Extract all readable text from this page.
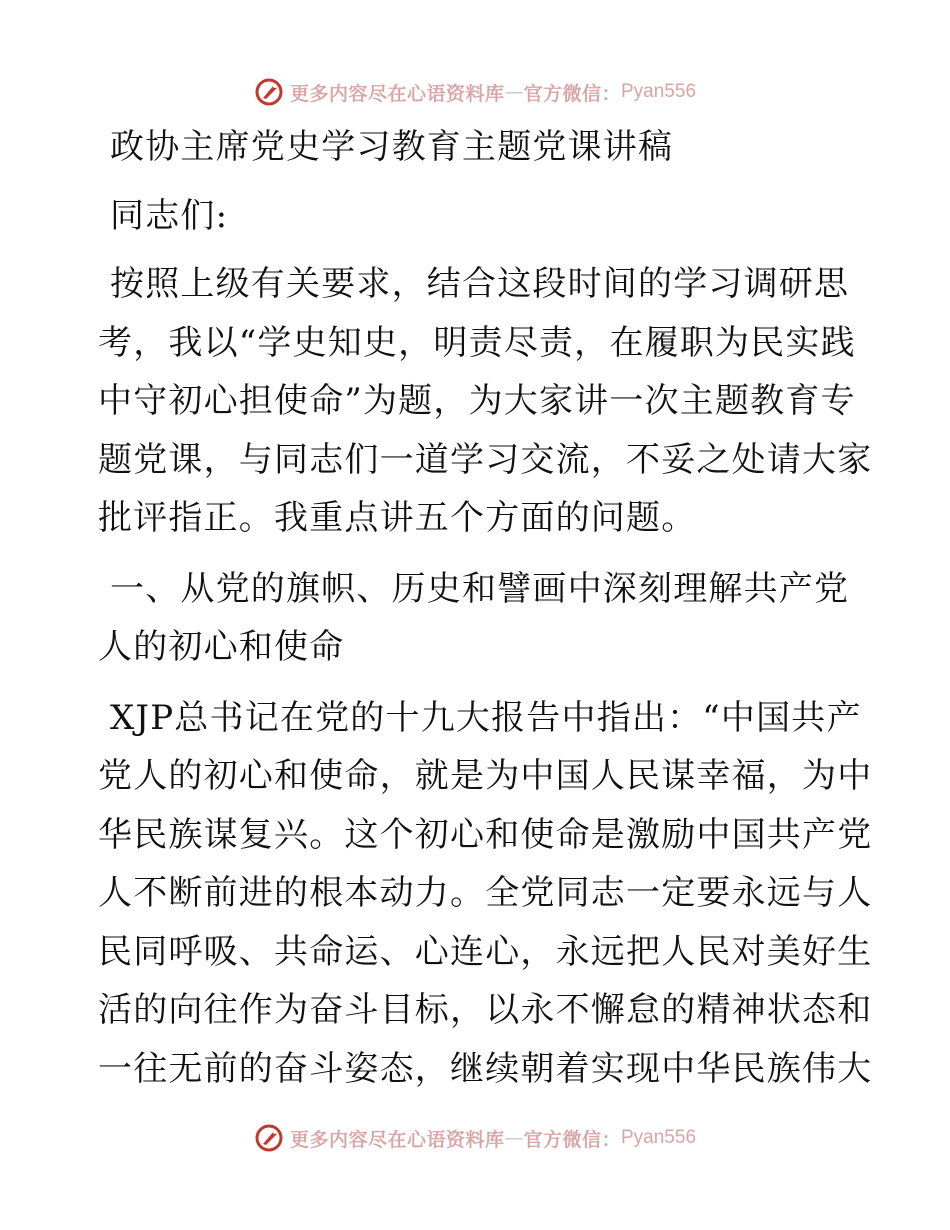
更多内容尽在心语资料库 — 官方微信： Pyan556

政协主席党史学习教育主题党课讲稿

同志们:

按照上级有关要求，结合这段时间的学习调研思

考，我以“学史知史，明责尽责，在履职为民实践

中守初心担使命”为题，为大家讲一次主题教育专

题党课，与同志们一道学习交流，不妥之处请大家

批评指正。我重点讲五个方面的问题。

一、从党的旗帜、历史和譬画中深刻理解共产党

人的初心和使命

XJP总书记在党的十九大报告中指出：“中国共产

党人的初心和使命，就是为中国人民谋幸福，为中

华民族谋复兴。这个初心和使命是激励中国共产党

人不断前进的根本动力。全党同志一定要永远与人

民同呼吸、共命运、心连心，永远把人民对美好生

活的向往作为奋斗目标，以永不懈怠的精神状态和

一往无前的奋斗姿态，继续朝着实现中华民族伟大

更多内容尽在心语资料库 — 官方微信： Pyan556
